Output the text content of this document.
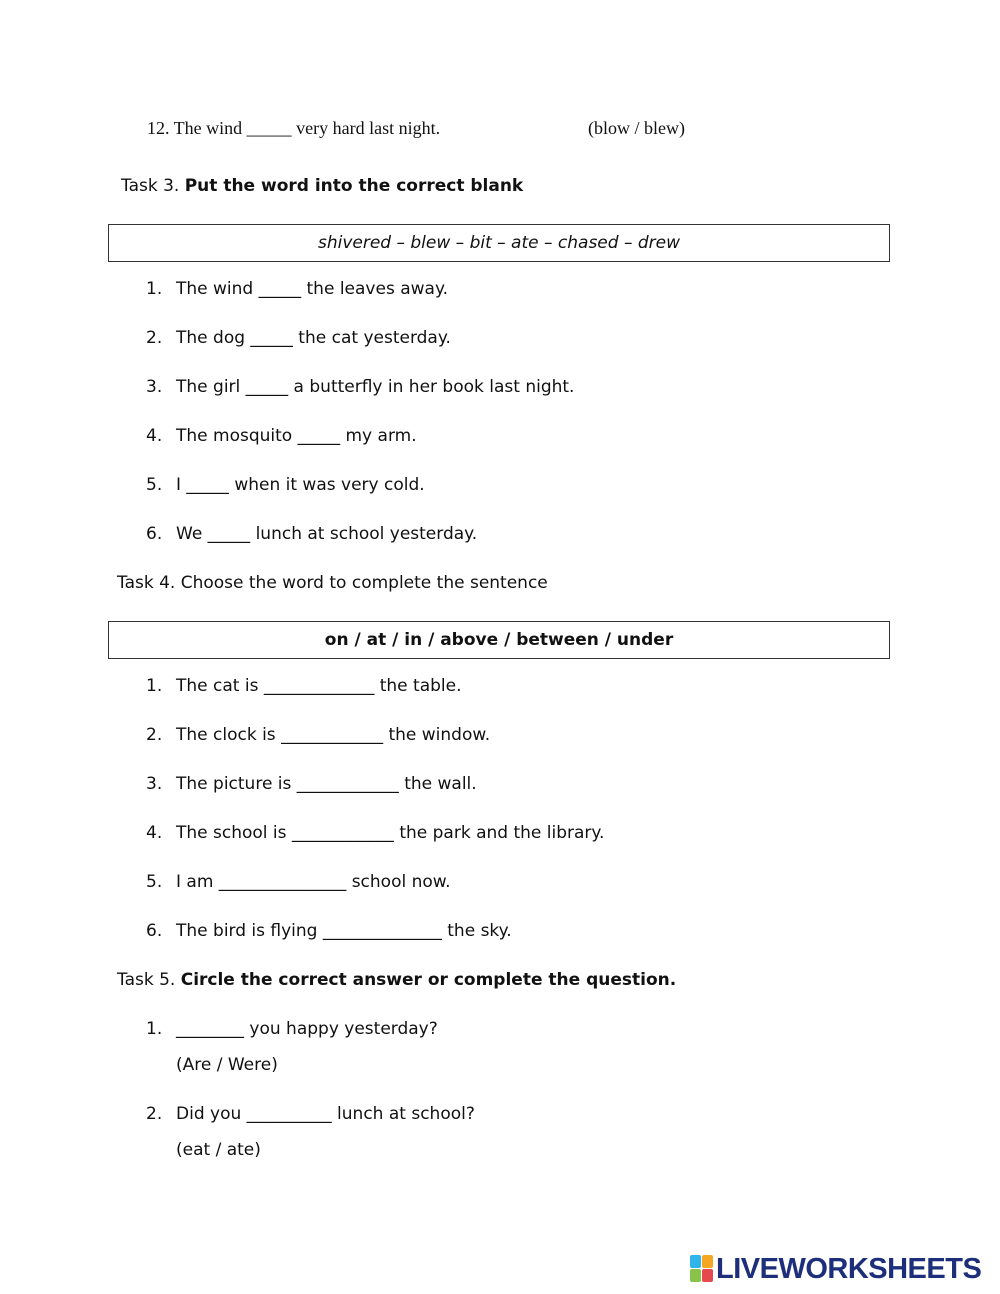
12. The wind _____ very hard last night.	(blow / blew)
Task 3. Put the word into the correct blank
shivered – blew – bit – ate – chased – drew
1. The wind _____ the leaves away.
2. The dog _____ the cat yesterday.
3. The girl _____ a butterfly in her book last night.
4. The mosquito _____ my arm.
5. I _____ when it was very cold.
6. We _____ lunch at school yesterday.
Task 4. Choose the word to complete the sentence
on / at / in / above / between / under
1. The cat is _____________ the table.
2. The clock is ____________ the window.
3. The picture is ____________ the wall.
4. The school is ____________ the park and the library.
5. I am _______________ school now.
6. The bird is flying ______________ the sky.
Task 5. Circle the correct answer or complete the question.
1. ________ you happy yesterday?
(Are / Were)
2. Did you __________ lunch at school?
(eat / ate)
LIVEWORKSHEETS
